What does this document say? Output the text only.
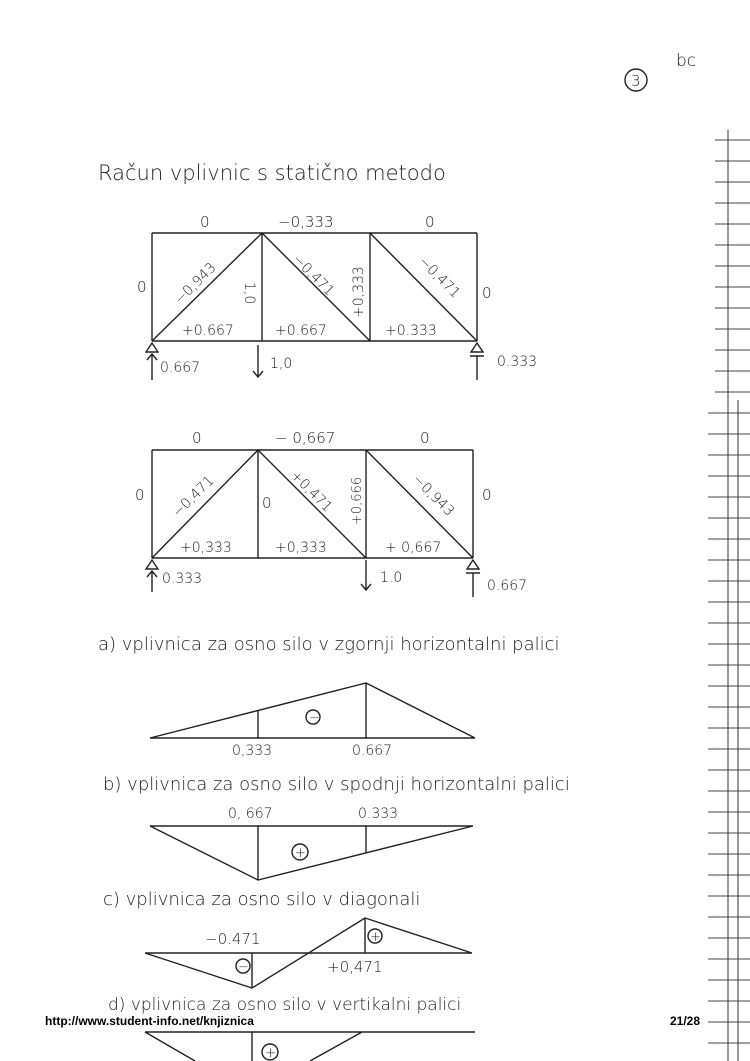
3
bc
Račun vplivnic s statično metodo
0	−0,333	0
0	0
1,0	+0,333
−0,943	−0,471	−0,471
+0.667	+0.667	+0.333
0.667	1,0	0.333
0	− 0,667	0
0	0	0
+0,666
−0,471	+0,471	−0,943
+0,333	+0,333	+ 0,667
0.333	1.0	0.667
a) vplivnica za osno silo v zgornji horizontalni palici
−
0,333	0.667
b) vplivnica za osno silo v spodnji horizontalni palici
+
0, 667	0.333
c) vplivnica za osno silo v diagonali
−0.471
+0,471
−
+
d) vplivnica za osno silo v vertikalni palici
+
http://www.student-info.net/knjiznica	21/28
